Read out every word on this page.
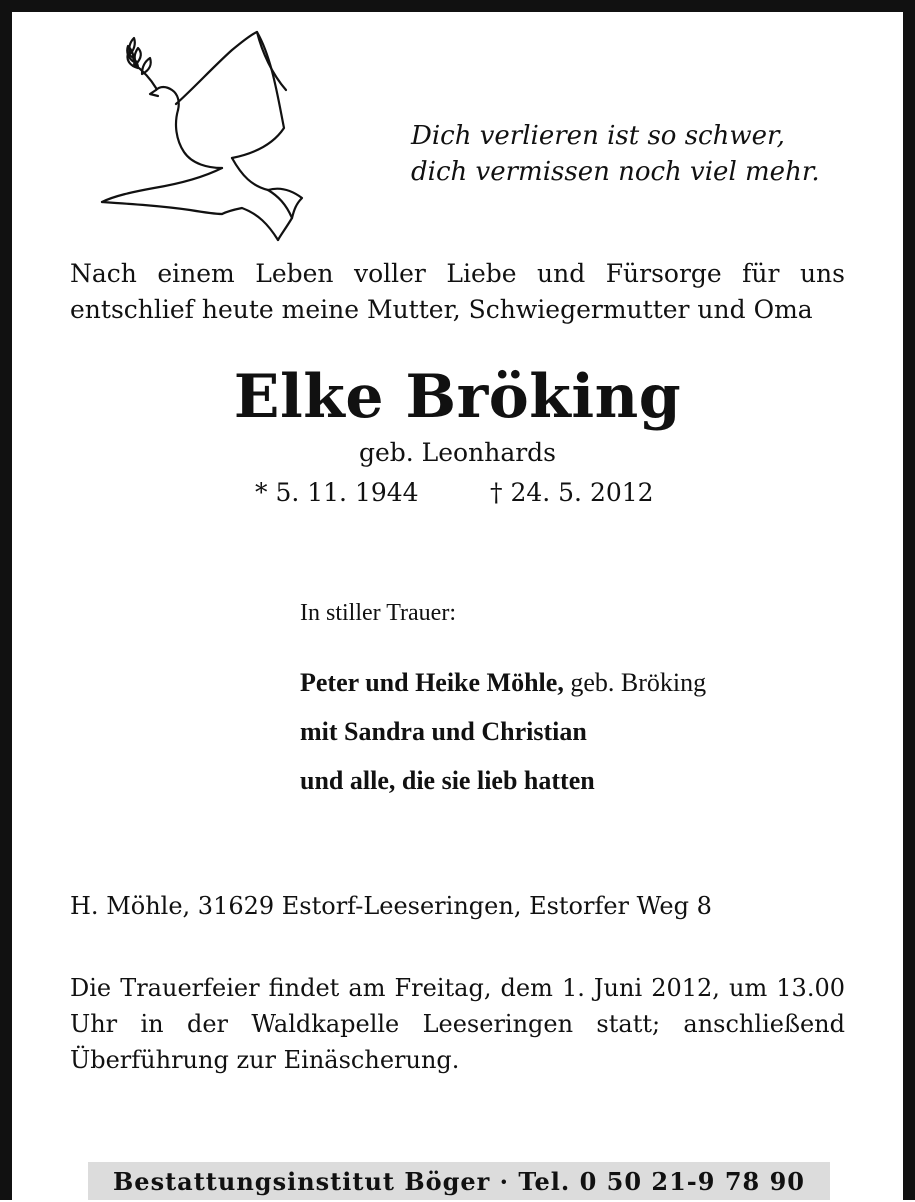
Dich verlieren ist so schwer,
dich vermissen noch viel mehr.
Nach einem Leben voller Liebe und Fürsorge für uns entschlief heute meine Mutter, Schwiegermutter und Oma
Elke Bröking
geb. Leonhards
* 5. 11. 1944	† 24. 5. 2012
In stiller Trauer:
Peter und Heike Möhle, geb. Bröking
mit Sandra und Christian
und alle, die sie lieb hatten
H. Möhle, 31629 Estorf-Leeseringen, Estorfer Weg 8
Die Trauerfeier findet am Freitag, dem 1. Juni 2012, um 13.00 Uhr in der Waldkapelle Leeseringen statt; anschließend Überführung zur Einäscherung.
Bestattungsinstitut Böger · Tel. 0 50 21-9 78 90
